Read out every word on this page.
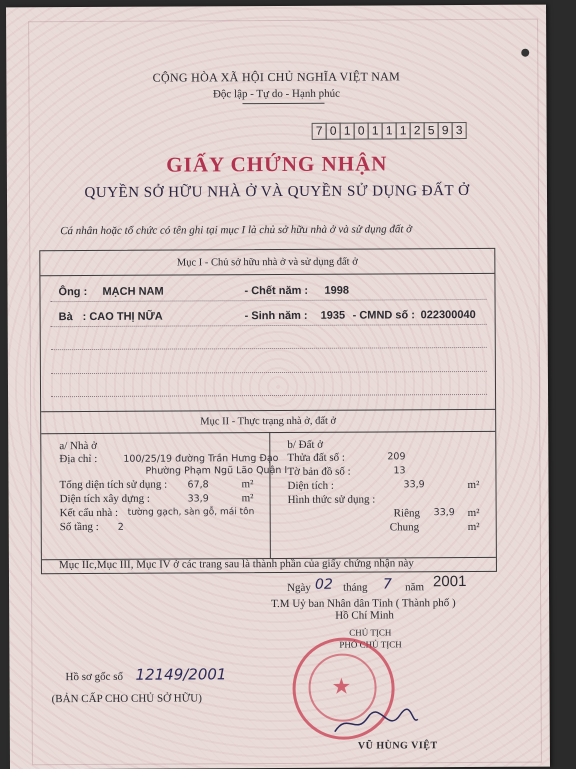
CỘNG HÒA XÃ HỘI CHỦ NGHĨA VIỆT NAM
Độc lập - Tự do - Hạnh phúc
7 0 1 0 1 1 1 2 5 9 3
GIẤY CHỨNG NHẬN
QUYỀN SỞ HỮU NHÀ Ở VÀ QUYỀN SỬ DỤNG ĐẤT Ở
Cá nhân hoặc tổ chức có tên ghi tại mục I là chủ sở hữu nhà ở và sử dụng đất ở
Mục I - Chủ sở hữu nhà ở và sử dụng đất ở
Ông : MẠCH NAM	- Chết năm : 1998
Bà : CAO THỊ NỮA	- Sinh năm : 1935 - CMND số : 022300040
Mục II - Thực trạng nhà ở, đất ở
a/ Nhà ở
Địa chỉ :	100/25/19 đường Trần Hưng Đạo
Phường Phạm Ngũ Lão Quận I
Tổng diện tích sử dụng : 67,8	m²
Diện tích xây dựng :	33,9	m²
Kết cấu nhà : tường gạch, sàn gỗ, mái tôn
Số tầng : 2
b/ Đất ở
Thửa đất số :	209
Tờ bản đồ số :	13
Diện tích :	33,9	m²
Hình thức sử dụng :
Riêng 33,9 m²
Chung	m²
Mục IIc,Mục III, Mục IV ở các trang sau là thành phần của giấy chứng nhận này
Ngày 02 tháng 7 năm 2001
T.M Uỷ ban Nhân dân Tỉnh ( Thành phố )
Hồ Chí Minh
CHỦ TỊCH
PHÓ CHỦ TỊCH
★
VŨ HÙNG VIỆT
Hồ sơ gốc số 12149/2001
(BẢN CẤP CHO CHỦ SỞ HỮU)
